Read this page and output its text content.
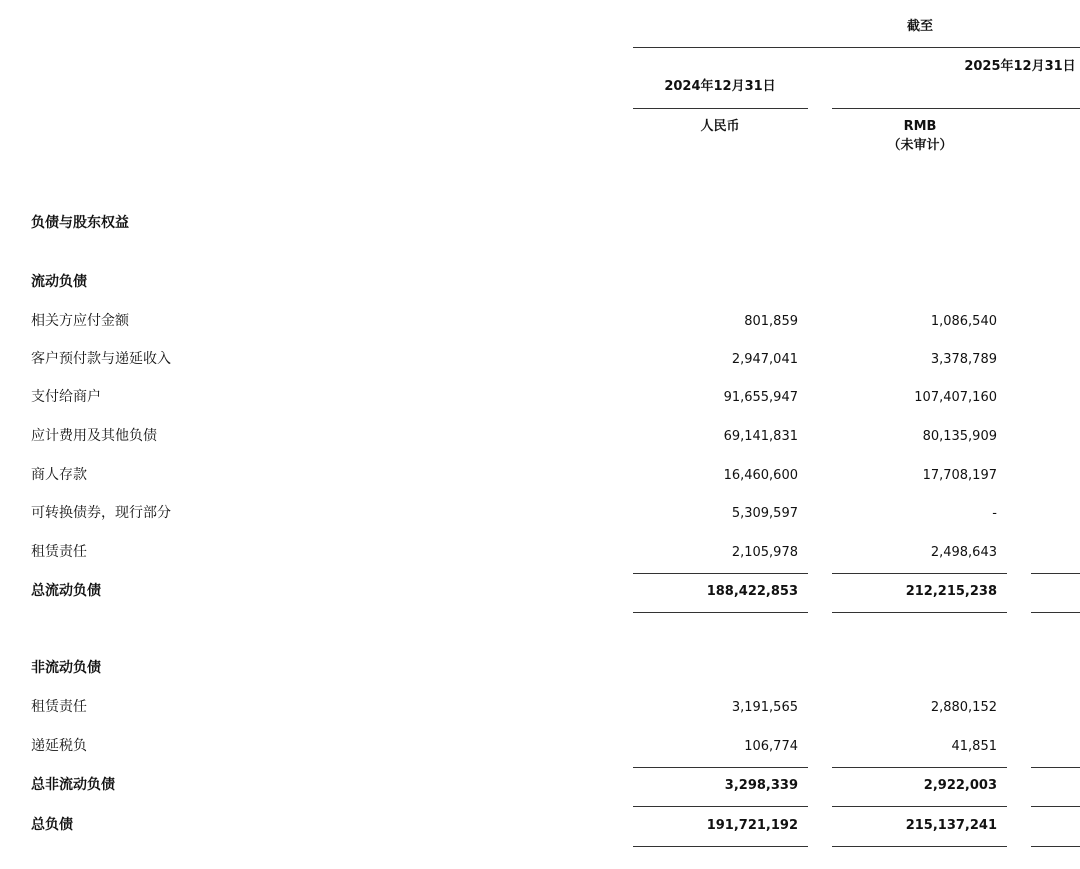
截至
2025年12月31日
2024年12月31日
人民币	RMB
（未审计）
负债与股东权益
流动负债
相关方应付金额	801,859	1,086,540
客户预付款与递延收入	2,947,041	3,378,789
支付给商户	91,655,947	107,407,160
应计费用及其他负债	69,141,831	80,135,909
商人存款	16,460,600	17,708,197
可转换债券，现行部分	5,309,597	-
租赁责任	2,105,978	2,498,643
总流动负债	188,422,853	212,215,238
非流动负债
租赁责任	3,191,565	2,880,152
递延税负	106,774	41,851
总非流动负债	3,298,339	2,922,003
总负债	191,721,192	215,137,241
